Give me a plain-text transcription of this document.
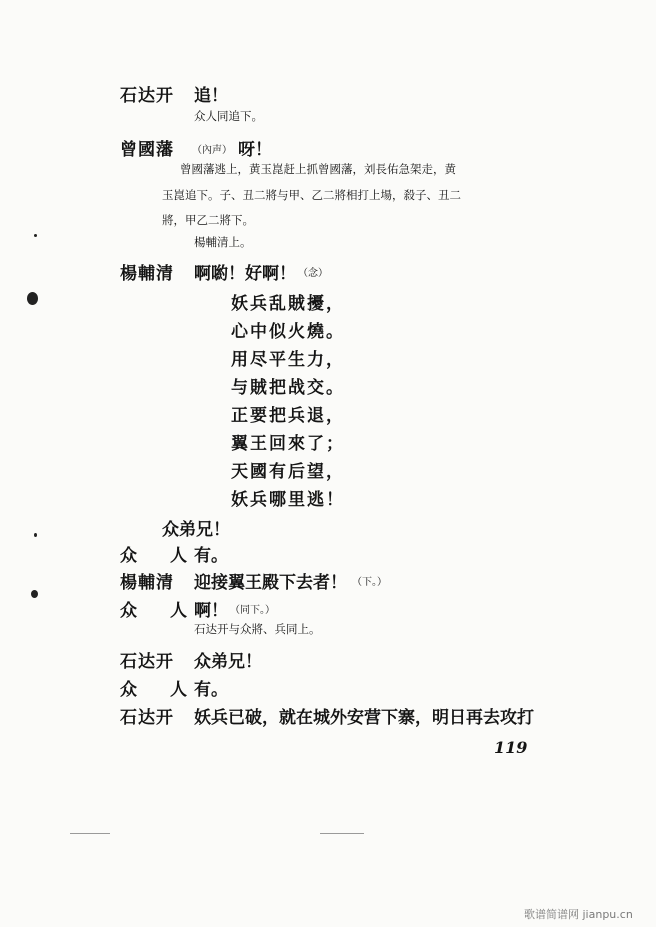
石达开 追！
众人同追下。
曾國藩 （內声） 呀！
曾國藩逃上，黄玉崑赶上抓曾國藩，刘長佑急架走，黄
玉崑追下。子、丑二將与甲、乙二將相打上場，殺子、丑二
將，甲乙二將下。
楊輔清上。
楊輔清 啊喲！好啊！ （念）
妖兵乱賊擾，
心中似火燒。
用尽平生力，
与賊把战交。
正要把兵退，
翼王回來了；
天國有后望，
妖兵哪里逃！
众弟兄！
众　人 有。
楊輔清 迎接翼王殿下去者！ （下。）
众　人 啊！ （同下。）
石达开与众將、兵同上。
石达开 众弟兄！
众　人 有。
石达开 妖兵已破，就在城外安营下寨，明日再去攻打
119
歌谱简谱网 jianpu.cn
